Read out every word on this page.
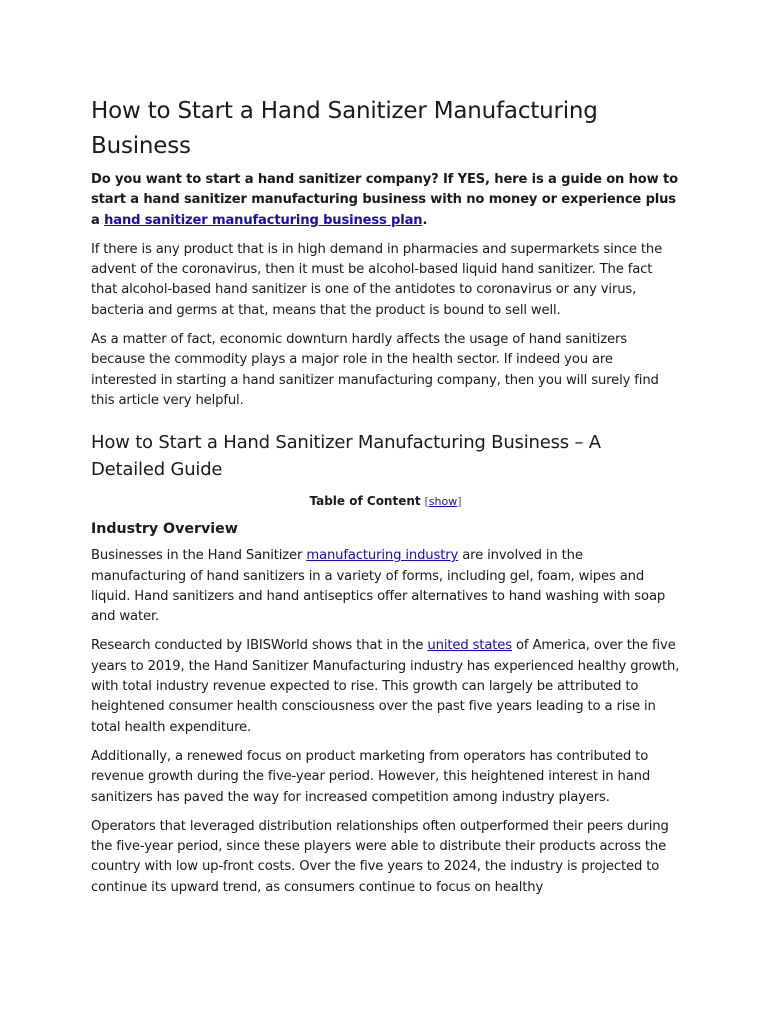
How to Start a Hand Sanitizer Manufacturing Business

Do you want to start a hand sanitizer company? If YES, here is a guide on how to start a hand sanitizer manufacturing business with no money or experience plus a hand sanitizer manufacturing business plan.

If there is any product that is in high demand in pharmacies and supermarkets since the advent of the coronavirus, then it must be alcohol-based liquid hand sanitizer. The fact that alcohol-based hand sanitizer is one of the antidotes to coronavirus or any virus, bacteria and germs at that, means that the product is bound to sell well.

As a matter of fact, economic downturn hardly affects the usage of hand sanitizers because the commodity plays a major role in the health sector. If indeed you are interested in starting a hand sanitizer manufacturing company, then you will surely find this article very helpful.

How to Start a Hand Sanitizer Manufacturing Business – A Detailed Guide
Table of Content [show]
Industry Overview

Businesses in the Hand Sanitizer manufacturing industry are involved in the manufacturing of hand sanitizers in a variety of forms, including gel, foam, wipes and liquid. Hand sanitizers and hand antiseptics offer alternatives to hand washing with soap and water.

Research conducted by IBISWorld shows that in the united states of America, over the five years to 2019, the Hand Sanitizer Manufacturing industry has experienced healthy growth, with total industry revenue expected to rise. This growth can largely be attributed to heightened consumer health consciousness over the past five years leading to a rise in total health expenditure.

Additionally, a renewed focus on product marketing from operators has contributed to revenue growth during the five-year period. However, this heightened interest in hand sanitizers has paved the way for increased competition among industry players.

Operators that leveraged distribution relationships often outperformed their peers during the five-year period, since these players were able to distribute their products across the country with low up-front costs. Over the five years to 2024, the industry is projected to continue its upward trend, as consumers continue to focus on healthy
